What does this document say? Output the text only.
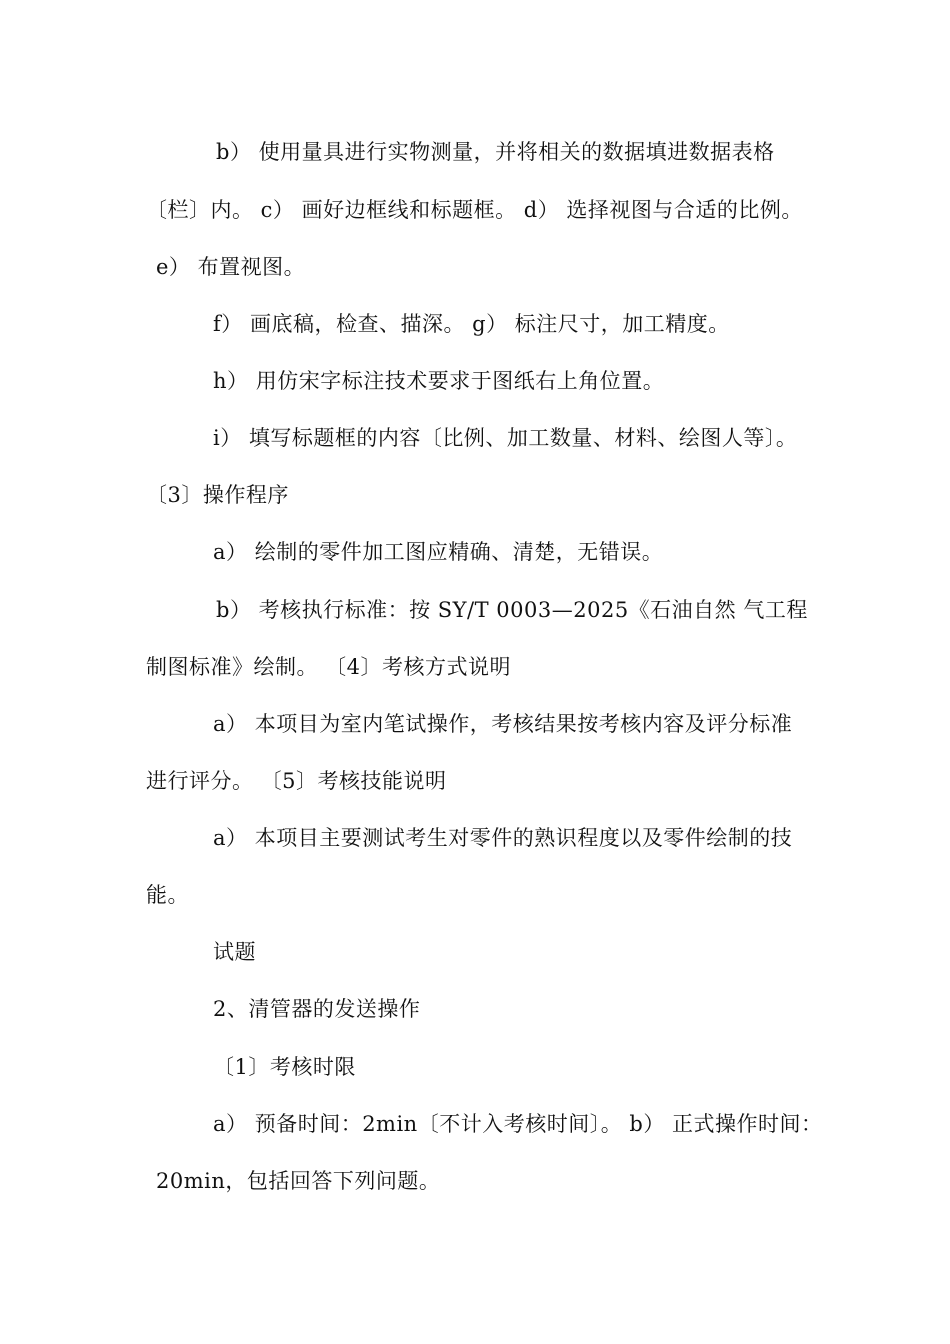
b） 使用量具进行实物测量，并将相关的数据填进数据表格
〔栏〕内。 c） 画好边框线和标题框。 d） 选择视图与合适的比例。
e） 布置视图。
f） 画底稿，检查、描深。 g） 标注尺寸，加工精度。
h） 用仿宋字标注技术要求于图纸右上角位置。
i） 填写标题框的内容〔比例、加工数量、材料、绘图人等〕。
〔3〕操作程序
a） 绘制的零件加工图应精确、清楚，无错误。
b） 考核执行标准：按 SY/T 0003—2025《石油自然 气工程
制图标准》绘制。 〔4〕考核方式说明
a） 本项目为室内笔试操作，考核结果按考核内容及评分标准
进行评分。 〔5〕考核技能说明
a） 本项目主要测试考生对零件的熟识程度以及零件绘制的技
能。
试题
2、清管器的发送操作
〔1〕考核时限
a） 预备时间：2min〔不计入考核时间〕。 b） 正式操作时间：
20min，包括回答下列问题。
